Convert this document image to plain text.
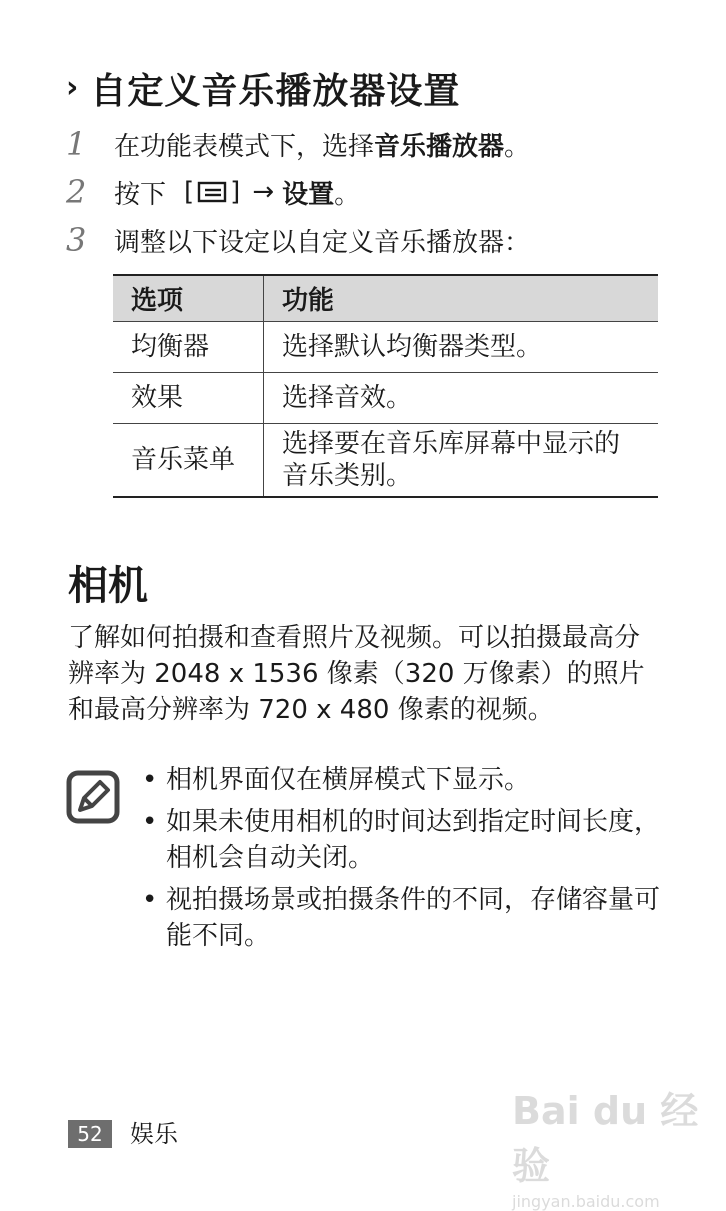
› 自定义音乐播放器设置
1	在功能表模式下，选择 音乐播放器 。
2	按下 [ ] → 设置 。
3	调整以下设定以自定义音乐播放器：
选项	功能
均衡器	选择默认均衡器类型。
效果	选择音效。
音乐菜单	选择要在音乐库屏幕中显示的音乐类别。
相机
了解如何拍摄和查看照片及视频。可以拍摄最高分辨率为 2048 x 1536 像素（320 万像素）的照片和最高分辨率为 720 x 480 像素的视频。
• 相机界面仅在横屏模式下显示。
• 如果未使用相机的时间达到指定时间长度，相机会自动关闭。
• 视拍摄场景或拍摄条件的不同，存储容量可能不同。
52	娱乐
Bai du 经验
jingyan.baidu.com
